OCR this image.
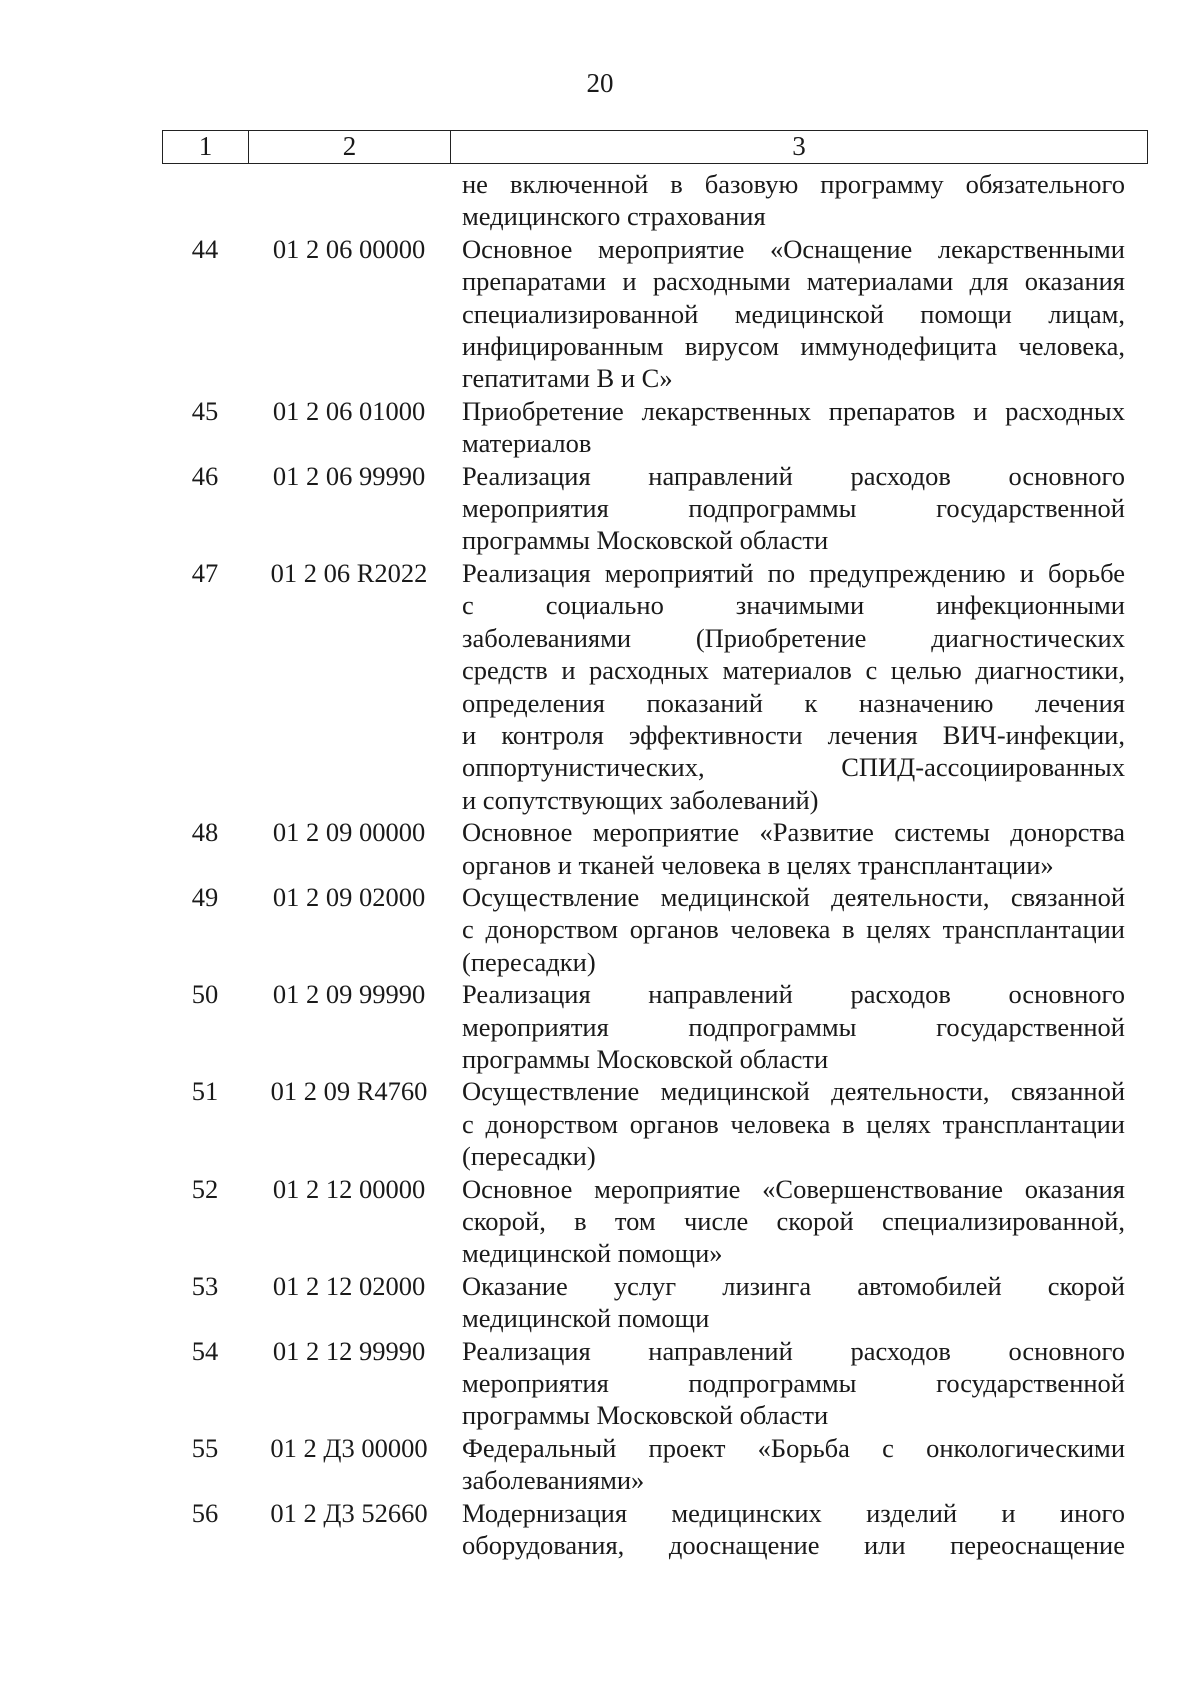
20
1	2	3
не включенной в базовую программу обязательного
медицинского страхования
44	01 2 06 00000	Основное мероприятие «Оснащение лекарственными
препаратами и расходными материалами для оказания
специализированной медицинской помощи лицам,
инфицированным вирусом иммунодефицита человека,
гепатитами В и С»
45	01 2 06 01000	Приобретение лекарственных препаратов и расходных
материалов
46	01 2 06 99990	Реализация направлений расходов основного
мероприятия подпрограммы государственной
программы Московской области
47	01 2 06 R2022	Реализация мероприятий по предупреждению и борьбе
с социально значимыми инфекционными
заболеваниями (Приобретение диагностических
средств и расходных материалов с целью диагностики,
определения показаний к назначению лечения
и контроля эффективности лечения ВИЧ-инфекции,
оппортунистических, СПИД-ассоциированных
и сопутствующих заболеваний)
48	01 2 09 00000	Основное мероприятие «Развитие системы донорства
органов и тканей человека в целях трансплантации»
49	01 2 09 02000	Осуществление медицинской деятельности, связанной
с донорством органов человека в целях трансплантации
(пересадки)
50	01 2 09 99990	Реализация направлений расходов основного
мероприятия подпрограммы государственной
программы Московской области
51	01 2 09 R4760	Осуществление медицинской деятельности, связанной
с донорством органов человека в целях трансплантации
(пересадки)
52	01 2 12 00000	Основное мероприятие «Совершенствование оказания
скорой, в том числе скорой специализированной,
медицинской помощи»
53	01 2 12 02000	Оказание услуг лизинга автомобилей скорой
медицинской помощи
54	01 2 12 99990	Реализация направлений расходов основного
мероприятия подпрограммы государственной
программы Московской области
55	01 2 Д3 00000	Федеральный проект «Борьба с онкологическими
заболеваниями»
56	01 2 Д3 52660	Модернизация медицинских изделий и иного
оборудования, дооснащение или переоснащение
